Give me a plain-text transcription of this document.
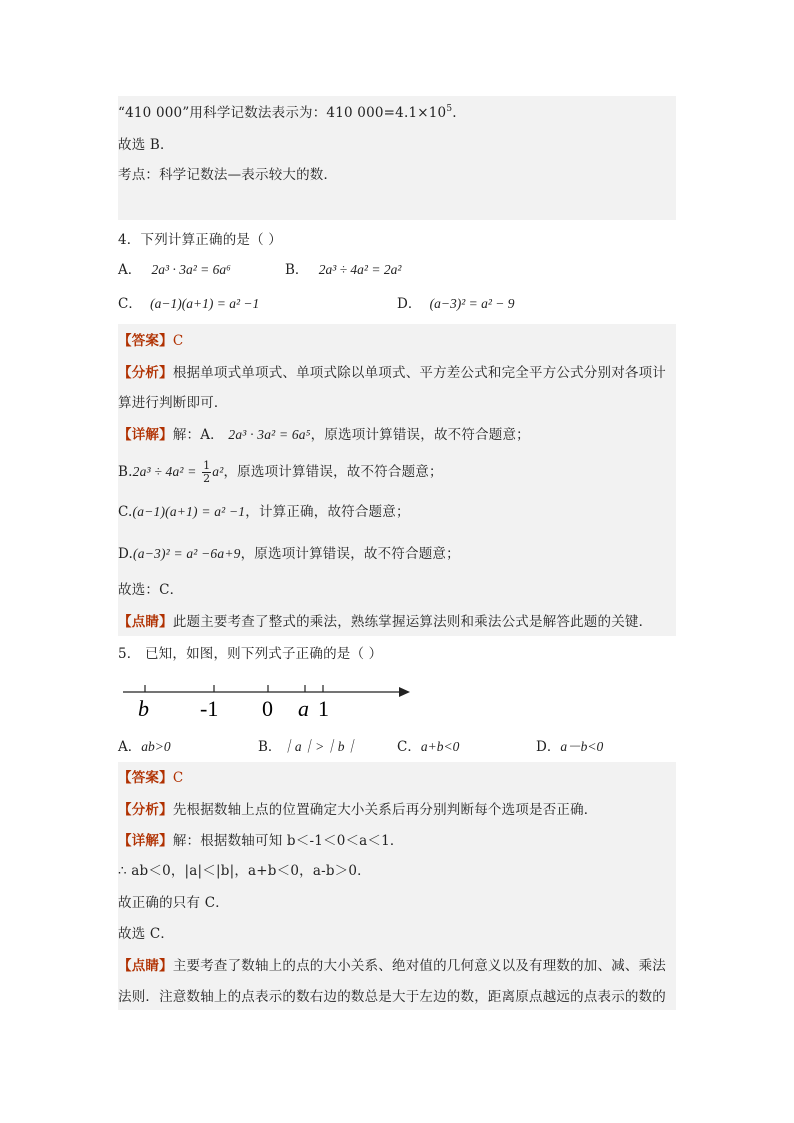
“410 000”用科学记数法表示为：410 $000=4.1\times 10^5$.
故选 B．
考点：科学记数法—表示较大的数．
4．下列计算正确的是（ ）
A． 2a³ · 3a² = 6a⁶	B． 2a³ ÷ 4a² = 2a²
C． (a−1)(a+1) = a² −1	D． (a−3)² = a² − 9
【答案】C
【分析】根据单项式单项式、单项式除以单项式、平方差公式和完全平方公式分别对各项计
算进行判断即可．
【详解】解：A． 2a³ · 3a² = 6a⁵，原选项计算错误，故不符合题意；
$B.2a^3 \div 4a^2 = \frac{1}{2} a^2$，原选项计算错误，故不符合题意；
C.(a−1)(a+1) = a² −1，计算正确，故符合题意；
D.(a−3)² = a² −6a+9，原选项计算错误，故不符合题意；
故选：C．
【点睛】此题主要考查了整式的乘法，熟练掌握运算法则和乘法公式是解答此题的关键．
5． 已知，如图，则下列式子正确的是（ ）
b -1 0 a 1
A．ab>0	B．｜a｜>｜b｜	C．a+b<0	D．a－b<0
【答案】C
【分析】先根据数轴上点的位置确定大小关系后再分别判断每个选项是否正确．
【详解】解：根据数轴可知 b＜-1＜0＜a＜1．
∴ ab＜0，|a|＜|b|，a+b＜0，a-b＞0．
故正确的只有 C．
故选 C．
【点睛】主要考查了数轴上的点的大小关系、绝对值的几何意义以及有理数的加、减、乘法
法则．注意数轴上的点表示的数右边的数总是大于左边的数，距离原点越远的点表示的数的
